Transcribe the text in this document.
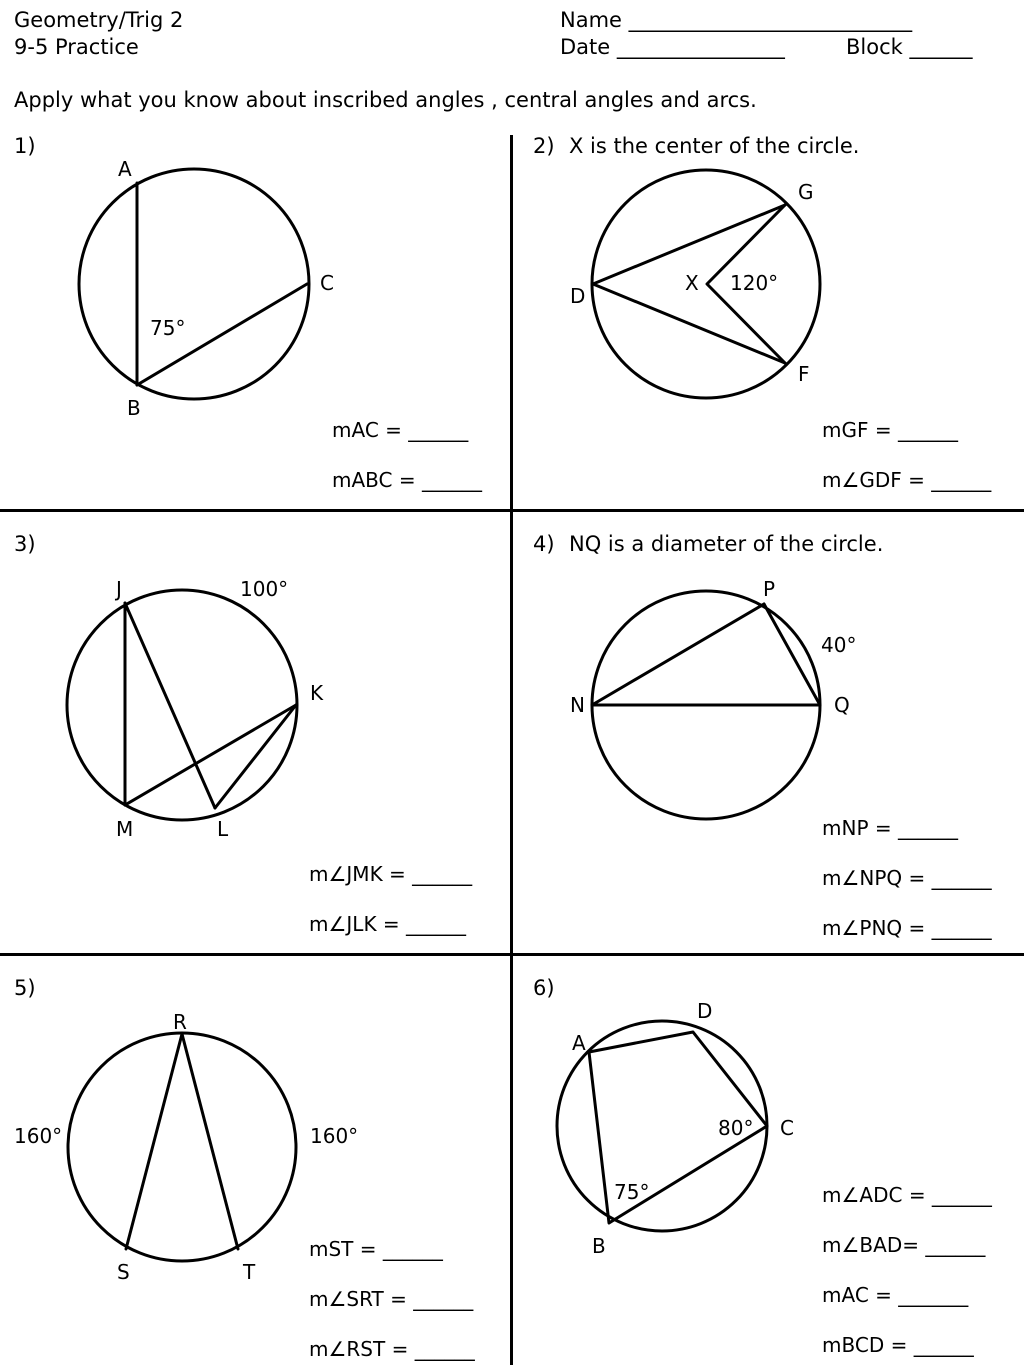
Geometry/Trig 2
9-5 Practice
Name ___________________________
Date ________________	Block ______
Apply what you know about inscribed angles , central angles and arcs.
1)
A
B
C
75°
mAC = ______
mABC = ______
2) X is the center of the circle.
G
D
X 120°
F
mGF = ______
m∠GDF = ______
3)
J	100°
K
M	L
m∠JMK = ______
m∠JLK = ______
4) NQ is a diameter of the circle.
P
40°
N	Q
mNP = ______
m∠NPQ = ______
m∠PNQ = ______
5)
R
160°	160°
S	T
mST = ______
m∠SRT = ______
m∠RST = ______
6)
D
A
80° C
75°
B
m∠ADC = ______
m∠BAD= ______
mAC = _______
mBCD = ______
